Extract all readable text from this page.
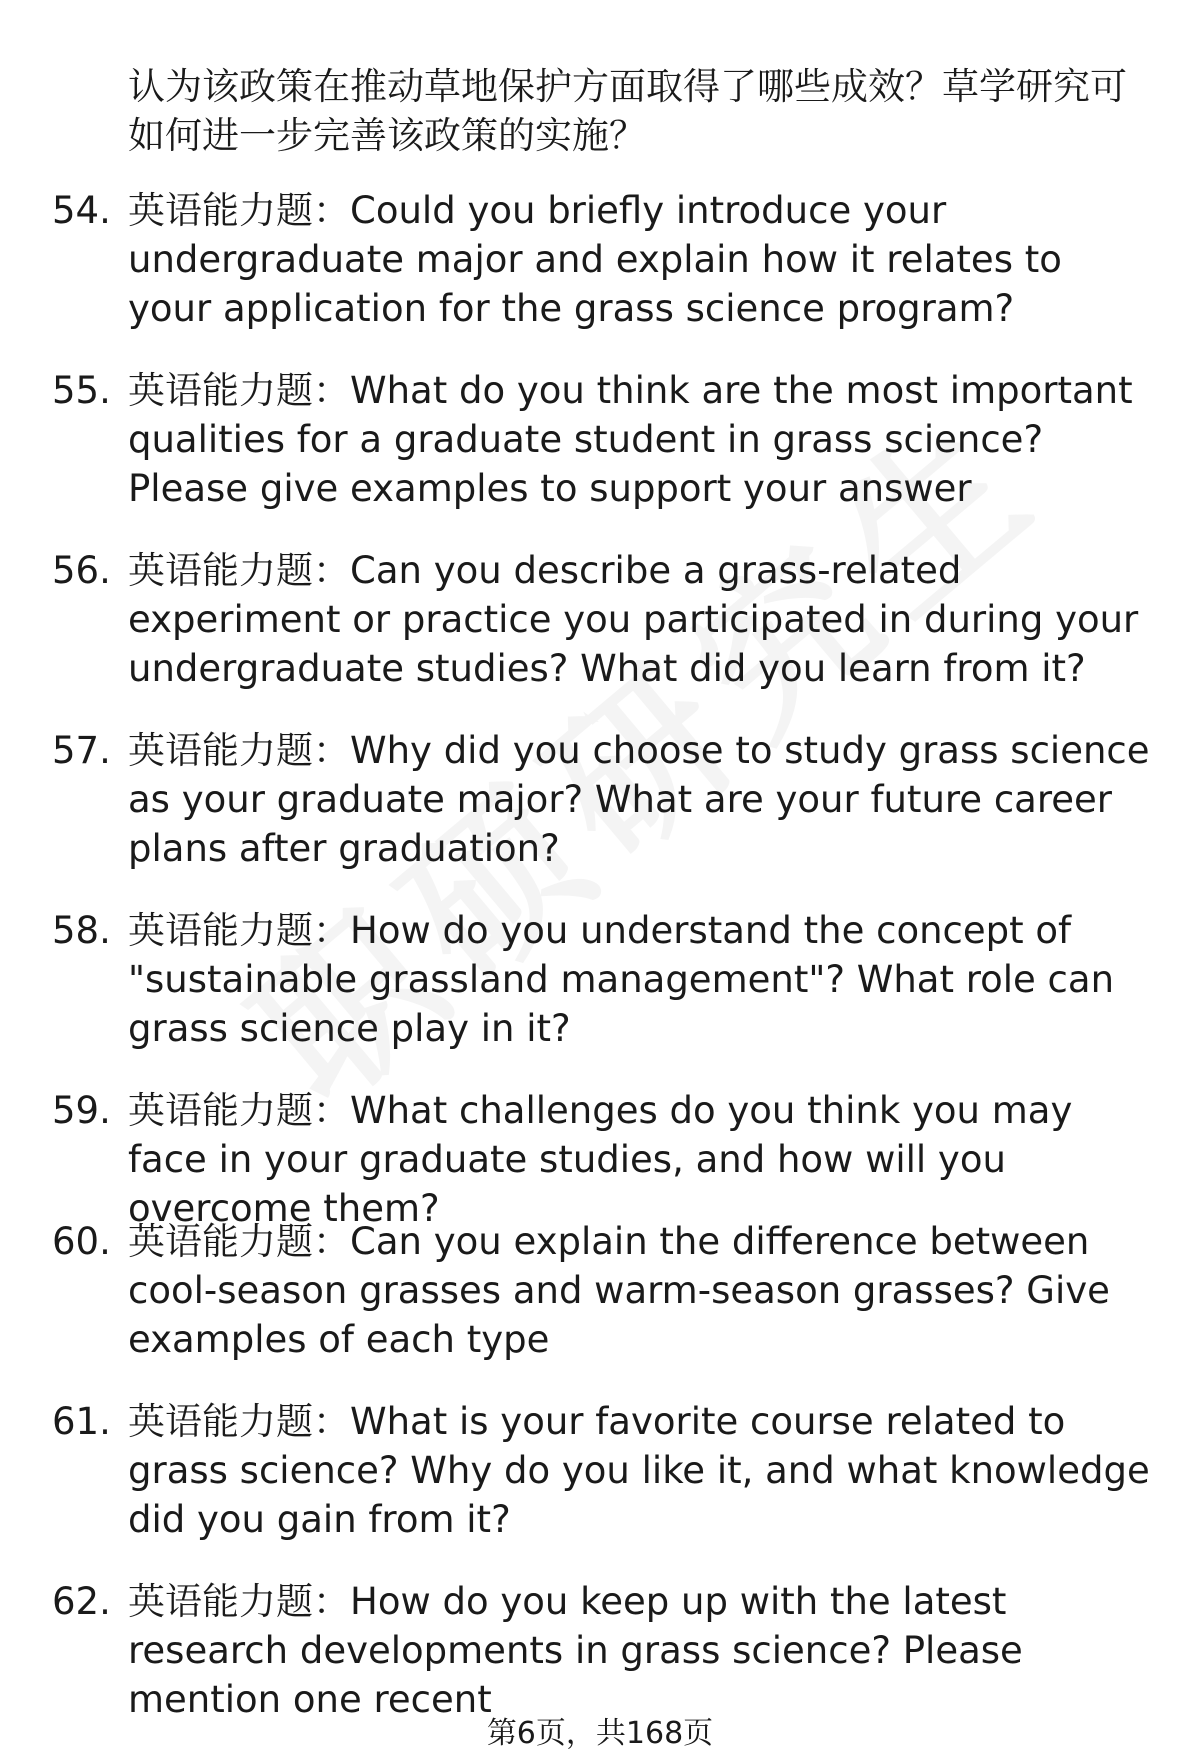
认为该政策在推动草地保护方面取得了哪些成效？草学研究可如何进一步完善该政策的实施？
54. 英语能力题：Could you briefly introduce your undergraduate major and explain how it relates to your application for the grass science program?
55. 英语能力题：What do you think are the most important qualities for a graduate student in grass science? Please give examples to support your answer
56. 英语能力题：Can you describe a grass-related experiment or practice you participated in during your undergraduate studies? What did you learn from it?
57. 英语能力题：Why did you choose to study grass science as your graduate major? What are your future career plans after graduation?
58. 英语能力题：How do you understand the concept of "sustainable grassland management"? What role can grass science play in it?
59. 英语能力题：What challenges do you think you may face in your graduate studies, and how will you overcome them?
60. 英语能力题：Can you explain the difference between cool-season grasses and warm-season grasses? Give examples of each type
61. 英语能力题：What is your favorite course related to grass science? Why do you like it, and what knowledge did you gain from it?
62. 英语能力题：How do you keep up with the latest research developments in grass science? Please mention one recent
第6页，共168页
